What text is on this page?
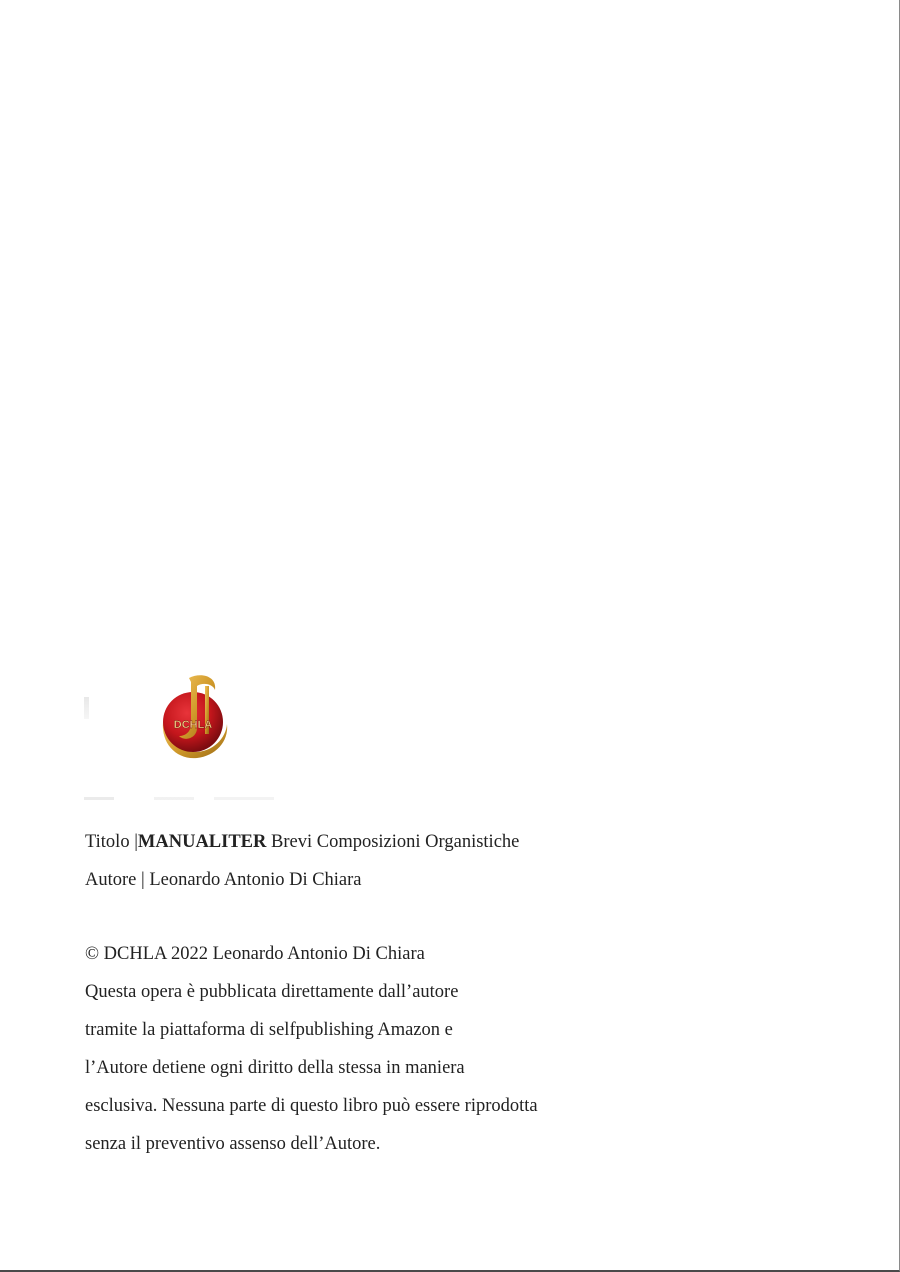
DCHLA
Titolo |MANUALITER Brevi Composizioni Organistiche
Autore | Leonardo Antonio Di Chiara
© DCHLA 2022 Leonardo Antonio Di Chiara
Questa opera è pubblicata direttamente dall’autore
tramite la piattaforma di selfpublishing Amazon e
l’Autore detiene ogni diritto della stessa in maniera
esclusiva. Nessuna parte di questo libro può essere riprodotta
senza il preventivo assenso dell’Autore.
